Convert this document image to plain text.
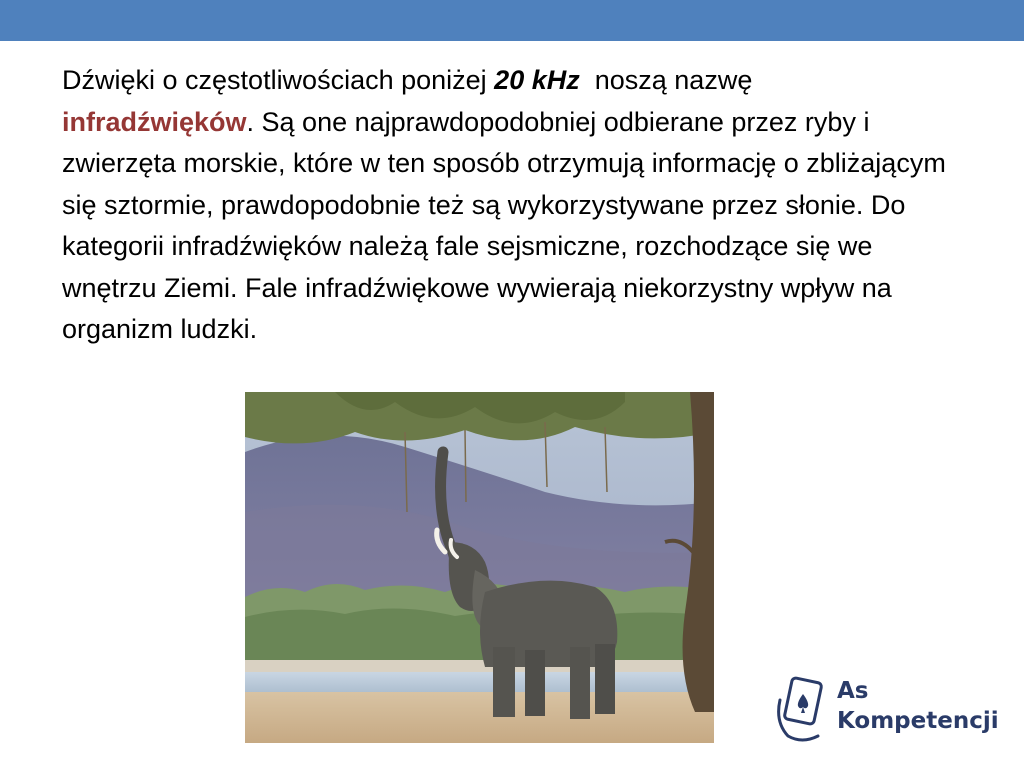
Dźwięki o częstotliwościach poniżej 20 kHz  noszą nazwę
infradźwięków. Są one najprawdopodobniej odbierane przez ryby i zwierzęta morskie, które w ten sposób otrzymują informację o zbliżającym się sztormie, prawdopodobnie też są wykorzystywane przez słonie. Do kategorii infradźwięków należą fale sejsmiczne, rozchodzące się we wnętrzu Ziemi. Fale infradźwiękowe wywierają niekorzystny wpływ na organizm ludzki.

As
Kompetencji
